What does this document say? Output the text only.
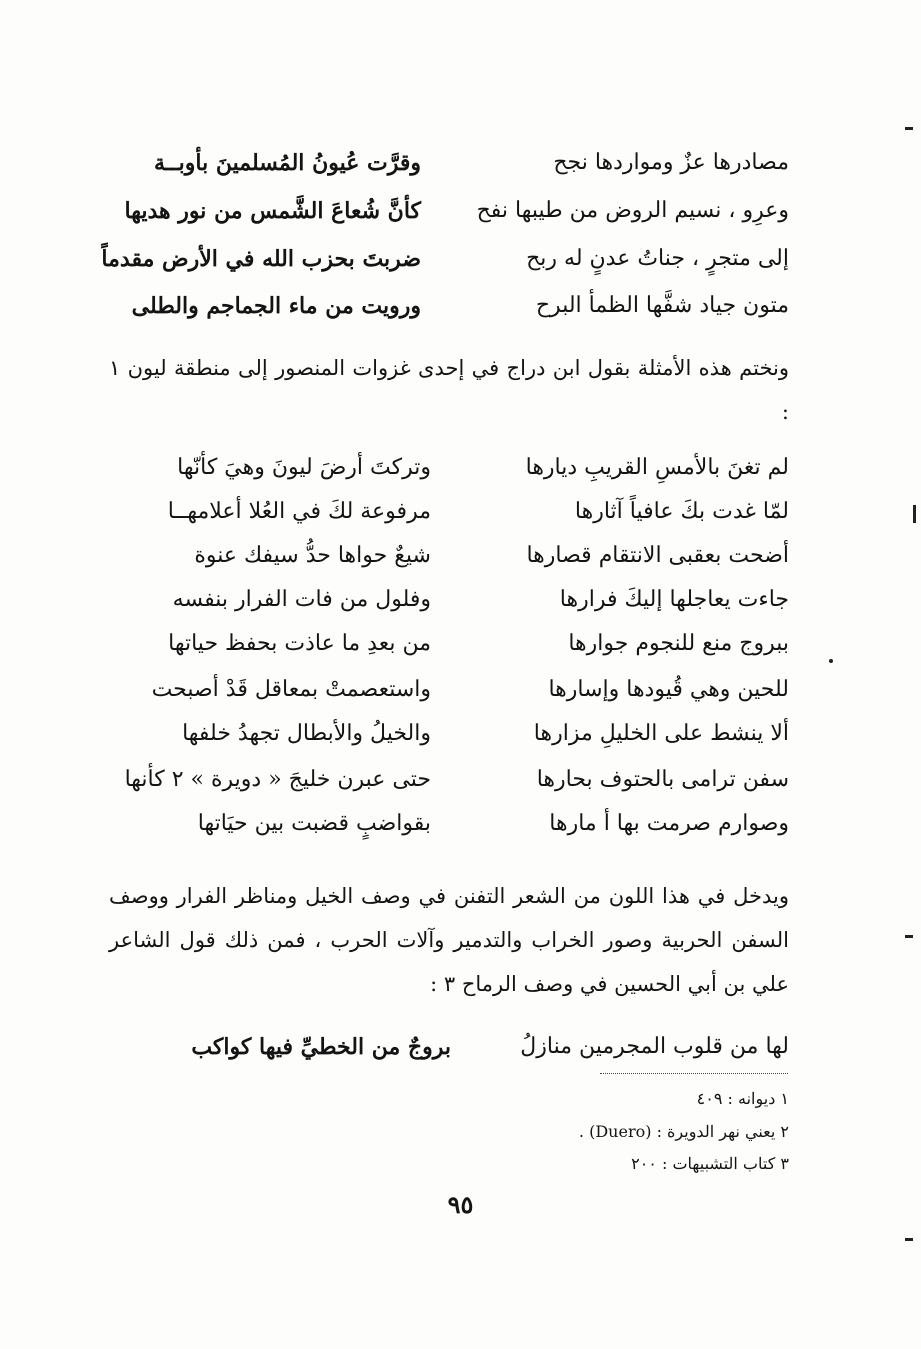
وقرَّت عُيونُ المُسلمينَ بأوبــة	مصادرها عزٌ ومواردها نجح
كأنَّ شُعاعَ الشَّمس من نور هديها	وعرِو ، نسيم الروض من طيبها نفح
ضربتَ بحزب الله في الأرض مقدماً	إلى متجرٍ ، جناتُ عدنٍ له ربح
ورويت من ماء الجماجم والطلى	متون جياد شفَّها الظمأ البرح
ونختم هذه الأمثلة بقول ابن دراج في إحدى غزوات المنصور إلى منطقة ليون ١ :
وتركتَ أرضَ ليونَ وهيَ كأنّها	لم تغنَ بالأمسِ القريبِ ديارها
مرفوعة لكَ في العُلا أعلامهــا	لمّا غدت بكَ عافياً آثارها
شيعٌ حواها حدُّ سيفك عنوة	أضحت بعقبى الانتقام قصارها
وفلول من فات الفرار بنفسه	جاءت يعاجلها إليكَ فرارها
من بعدِ ما عاذت بحفظ حياتها	ببروج منع للنجوم جوارها
واستعصمتْ بمعاقل قَدْ أصبحت	للحين وهي قُيودها وإسارها
والخيلُ والأبطال تجهدُ خلفها	ألا ينشط على الخليلِ مزارها
حتى عبرن خليجَ « دويرة » ٢ كأنها	سفن ترامى بالحتوف بحارها
بقواضبٍ قضبت بين حيَاتها	وصوارم صرمت بها أ مارها
ويدخل في هذا اللون من الشعر التفنن في وصف الخيل ومناظر الفرار ووصف السفن الحربية وصور الخراب والتدمير وآلات الحرب ، فمن ذلك قول الشاعر علي بن أبي الحسين في وصف الرماح ٣ :
بروجٌ من الخطيِّ فيها كواكب	لها من قلوب المجرمين منازلُ
١ ديوانه : ٤٠٩
٢ يعني نهر الدويرة : (Duero) .
٣ كتاب التشبيهات : ٢٠٠
٩٥
